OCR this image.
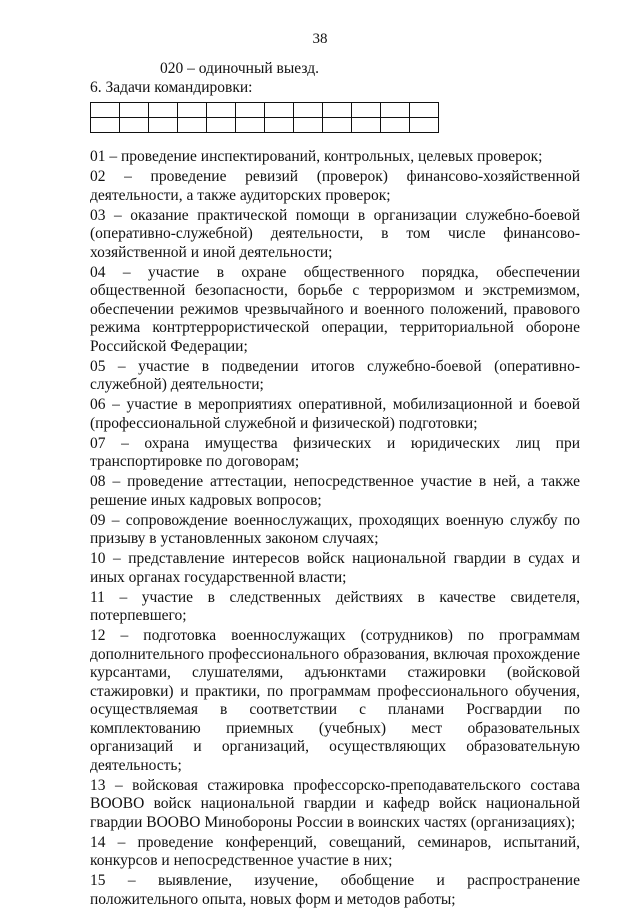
38
020 – одиночный выезд.
6. Задачи командировки:

01 – проведение инспектирований, контрольных, целевых проверок;

02 – проведение ревизий (проверок) финансово-хозяйственной деятельности, а также аудиторских проверок;

03 – оказание практической помощи в организации служебно-боевой (оперативно-служебной) деятельности, в том числе финансово-хозяйственной и иной деятельности;

04 – участие в охране общественного порядка, обеспечении общественной безопасности, борьбе с терроризмом и экстремизмом, обеспечении режимов чрезвычайного и военного положений, правового режима контртеррористической операции, территориальной обороне Российской Федерации;

05 – участие в подведении итогов служебно-боевой (оперативно-служебной) деятельности;

06 – участие в мероприятиях оперативной, мобилизационной и боевой (профессиональной служебной и физической) подготовки;

07 – охрана имущества физических и юридических лиц при транспортировке по договорам;

08 – проведение аттестации, непосредственное участие в ней, а также решение иных кадровых вопросов;

09 – сопровождение военнослужащих, проходящих военную службу по призыву в установленных законом случаях;

10 – представление интересов войск национальной гвардии в судах и иных органах государственной власти;

11 – участие в следственных действиях в качестве свидетеля, потерпевшего;

12 – подготовка военнослужащих (сотрудников) по программам дополнительного профессионального образования, включая прохождение курсантами, слушателями, адъюнктами стажировки (войсковой стажировки) и практики, по программам профессионального обучения, осуществляемая в соответствии с планами Росгвардии по комплектованию приемных (учебных) мест образовательных организаций и организаций, осуществляющих образовательную деятельность;

13 – войсковая стажировка профессорско-преподавательского состава ВООВО войск национальной гвардии и кафедр войск национальной гвардии ВООВО Минобороны России в воинских частях (организациях);

14 – проведение конференций, совещаний, семинаров, испытаний, конкурсов и непосредственное участие в них;

15 – выявление, изучение, обобщение и распространение положительного опыта, новых форм и методов работы;
